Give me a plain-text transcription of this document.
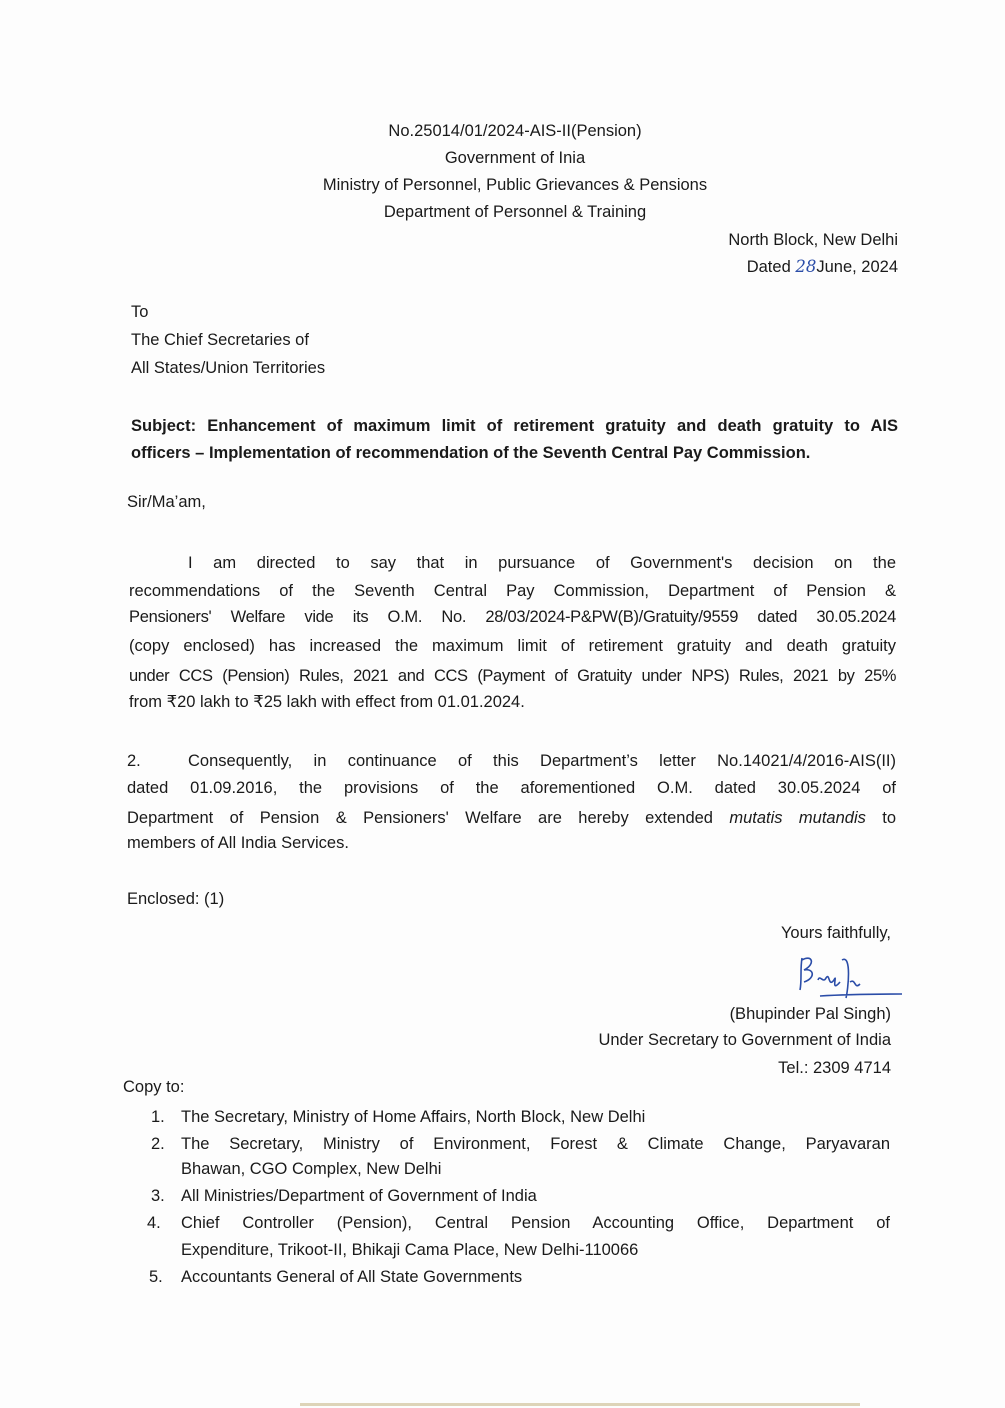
No.25014/01/2024-AIS-II(Pension)
Government of Inia
Ministry of Personnel, Public Grievances & Pensions
Department of Personnel & Training
North Block, New Delhi
Dated 28June, 2024
To
The Chief Secretaries of
All States/Union Territories
Subject: Enhancement of maximum limit of retirement gratuity and death gratuity to AIS
officers – Implementation of recommendation of the Seventh Central Pay Commission.
Sir/Ma’am,
I am directed to say that in pursuance of Government's decision on the
recommendations of the Seventh Central Pay Commission, Department of Pension &
Pensioners' Welfare vide its O.M. No. 28/03/2024-P&PW(B)/Gratuity/9559 dated 30.05.2024
(copy enclosed) has increased the maximum limit of retirement gratuity and death gratuity
under CCS (Pension) Rules, 2021 and CCS (Payment of Gratuity under NPS) Rules, 2021 by 25%
from ₹20 lakh to ₹25 lakh with effect from 01.01.2024.
2.	Consequently, in continuance of this Department’s letter No.14021/4/2016-AIS(II)
dated 01.09.2016, the provisions of the aforementioned O.M. dated 30.05.2024 of
Department of Pension & Pensioners' Welfare are hereby extended mutatis mutandis to
members of All India Services.
Enclosed: (1)
Yours faithfully,
(Bhupinder Pal Singh)
Under Secretary to Government of India
Tel.: 2309 4714
Copy to:
1. The Secretary, Ministry of Home Affairs, North Block, New Delhi
2. The Secretary, Ministry of Environment, Forest & Climate Change, Paryavaran
Bhawan, CGO Complex, New Delhi
3. All Ministries/Department of Government of India
4. Chief Controller (Pension), Central Pension Accounting Office, Department of
Expenditure, Trikoot-II, Bhikaji Cama Place, New Delhi-110066
5. Accountants General of All State Governments
